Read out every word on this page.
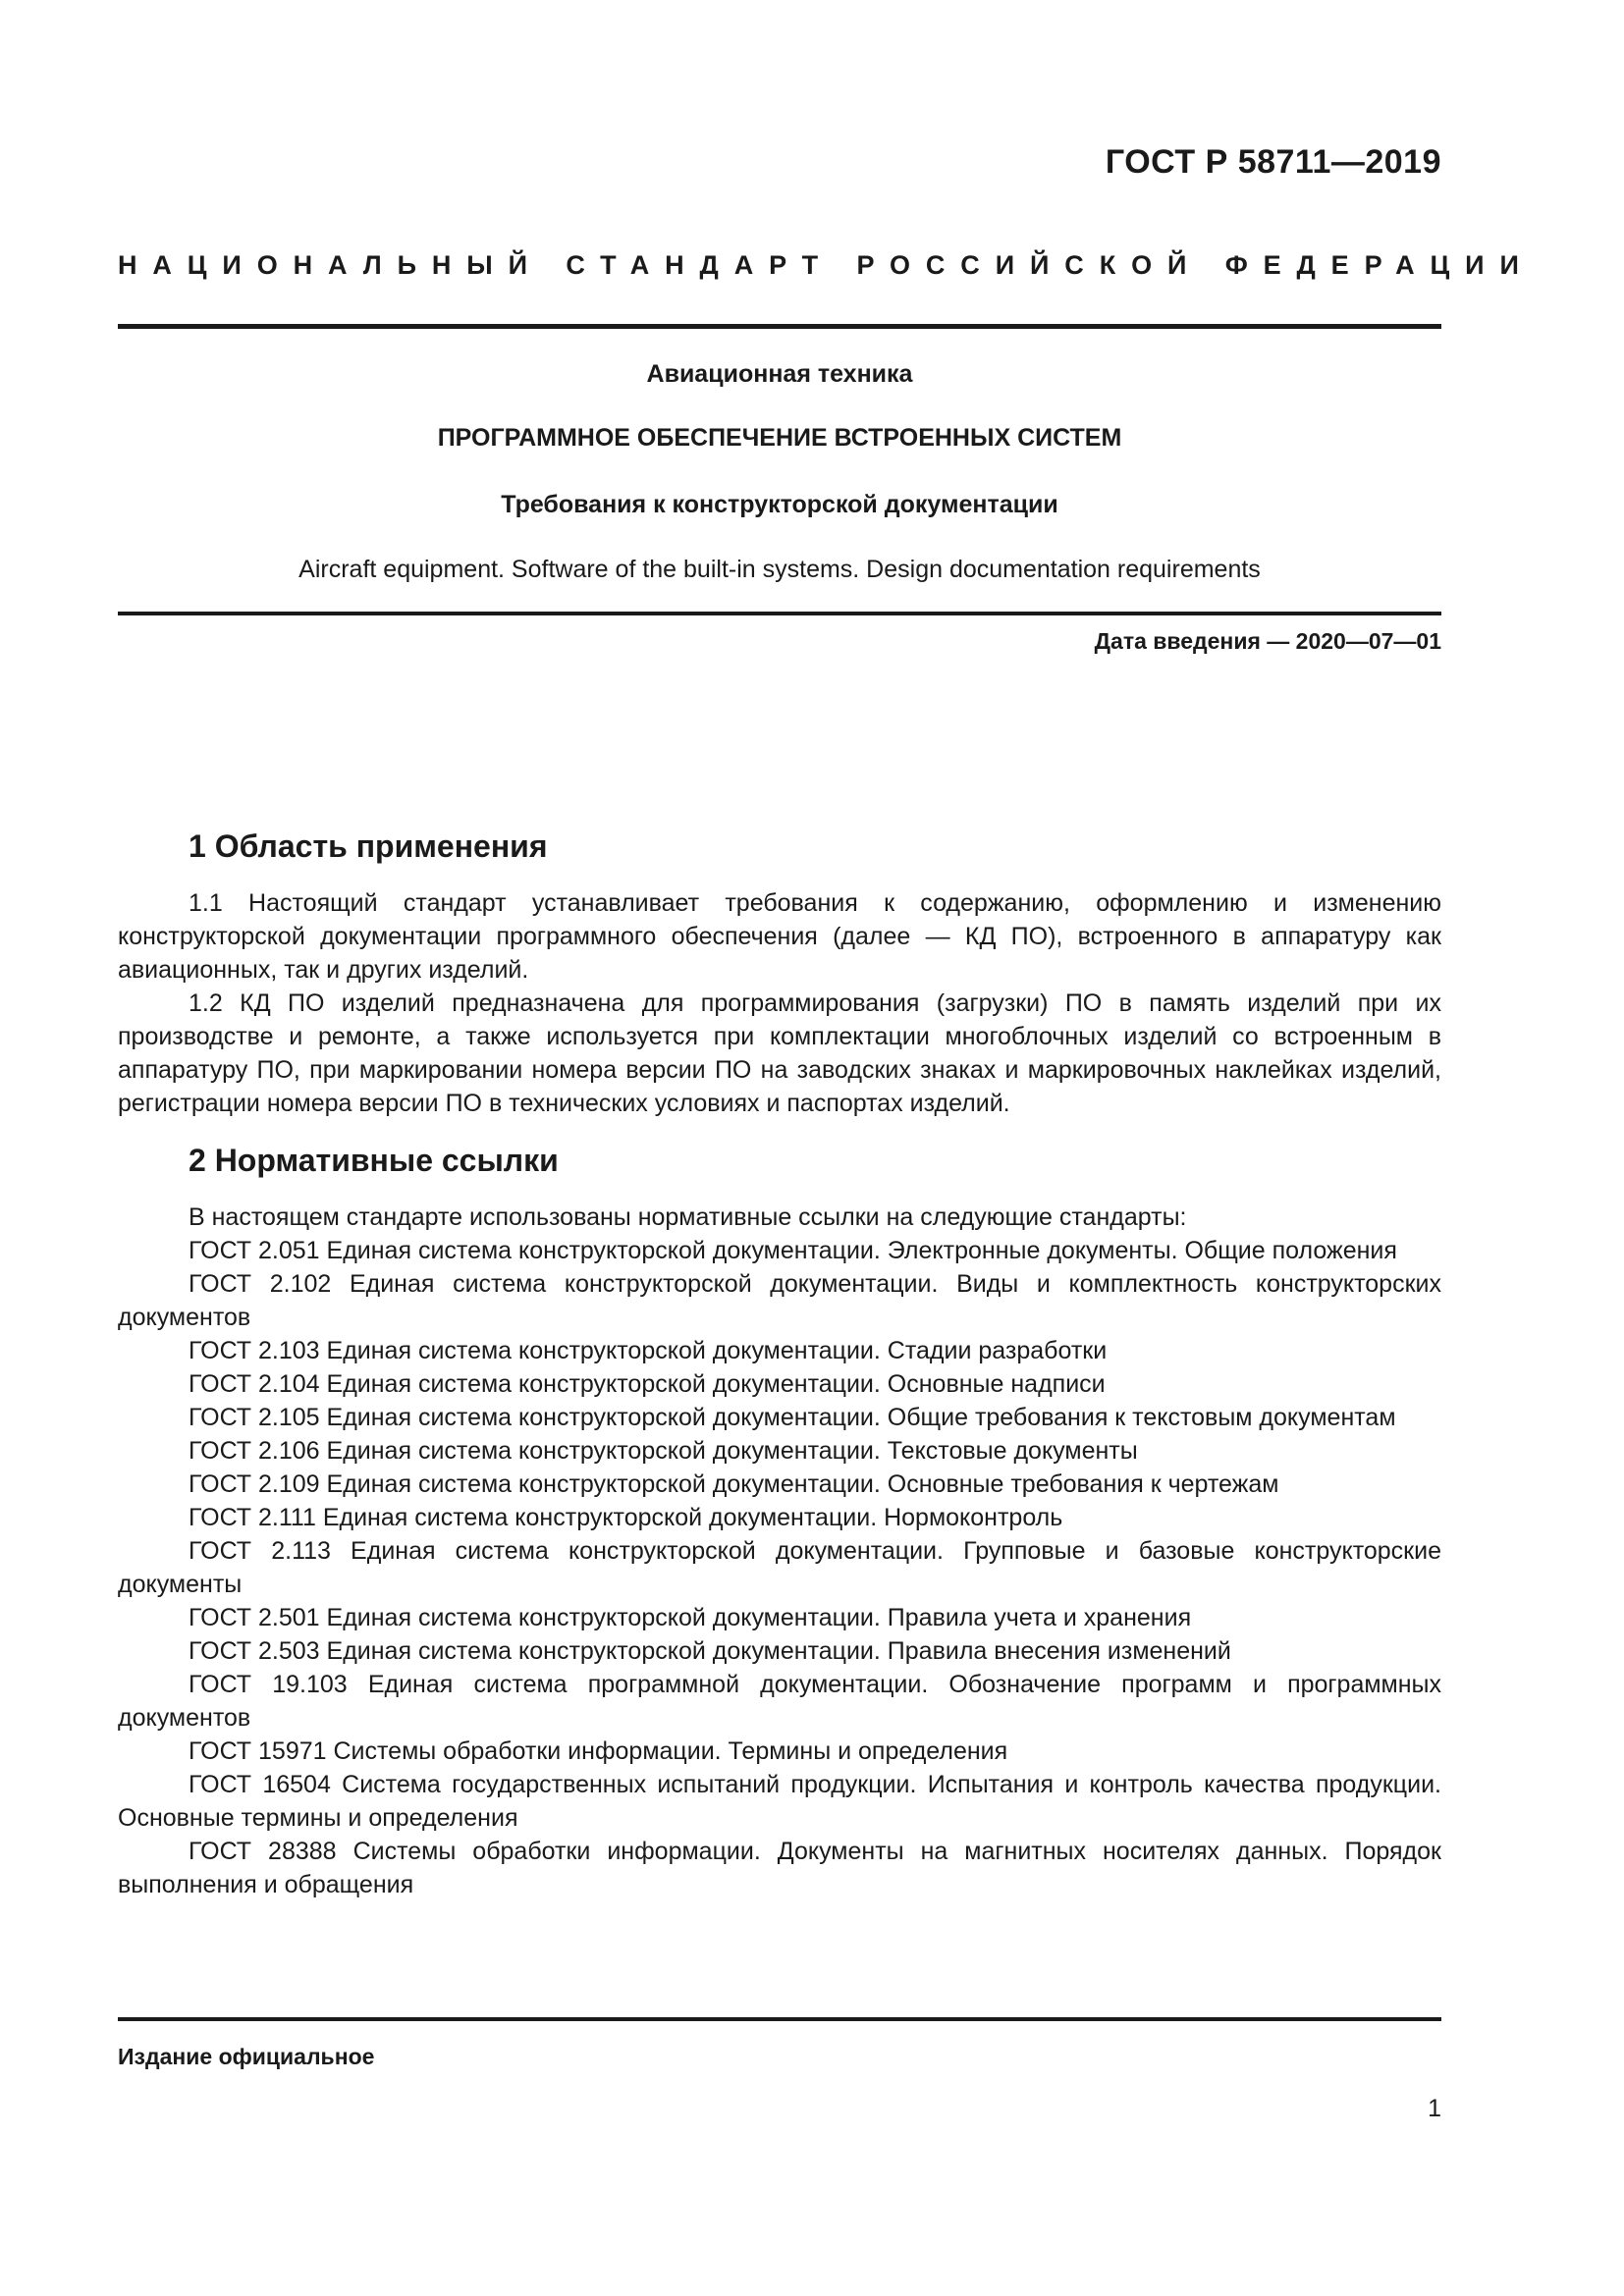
ГОСТ Р 58711—2019
НАЦИОНАЛЬНЫЙ СТАНДАРТ РОССИЙСКОЙ ФЕДЕРАЦИИ
Авиационная техника
ПРОГРАММНОЕ ОБЕСПЕЧЕНИЕ ВСТРОЕННЫХ СИСТЕМ
Требования к конструкторской документации
Aircraft equipment. Software of the built-in systems. Design documentation requirements
Дата введения — 2020—07—01
1 Область применения

1.1 Настоящий стандарт устанавливает требования к содержанию, оформлению и изменению конструкторской документации программного обеспечения (далее — КД ПО), встроенного в аппаратуру как авиационных, так и других изделий.

1.2 КД ПО изделий предназначена для программирования (загрузки) ПО в память изделий при их производстве и ремонте, а также используется при комплектации многоблочных изделий со встроенным в аппаратуру ПО, при маркировании номера версии ПО на заводских знаках и маркировочных наклейках изделий, регистрации номера версии ПО в технических условиях и паспортах изделий.

2 Нормативные ссылки

В настоящем стандарте использованы нормативные ссылки на следующие стандарты:

ГОСТ 2.051 Единая система конструкторской документации. Электронные документы. Общие положения

ГОСТ 2.102 Единая система конструкторской документации. Виды и комплектность конструкторских документов

ГОСТ 2.103 Единая система конструкторской документации. Стадии разработки

ГОСТ 2.104 Единая система конструкторской документации. Основные надписи

ГОСТ 2.105 Единая система конструкторской документации. Общие требования к текстовым документам

ГОСТ 2.106 Единая система конструкторской документации. Текстовые документы

ГОСТ 2.109 Единая система конструкторской документации. Основные требования к чертежам

ГОСТ 2.111 Единая система конструкторской документации. Нормоконтроль

ГОСТ 2.113 Единая система конструкторской документации. Групповые и базовые конструкторские документы

ГОСТ 2.501 Единая система конструкторской документации. Правила учета и хранения

ГОСТ 2.503 Единая система конструкторской документации. Правила внесения изменений

ГОСТ 19.103 Единая система программной документации. Обозначение программ и программных документов

ГОСТ 15971 Системы обработки информации. Термины и определения

ГОСТ 16504 Система государственных испытаний продукции. Испытания и контроль качества продукции. Основные термины и определения

ГОСТ 28388 Системы обработки информации. Документы на магнитных носителях данных. Порядок выполнения и обращения

Издание официальное
1
